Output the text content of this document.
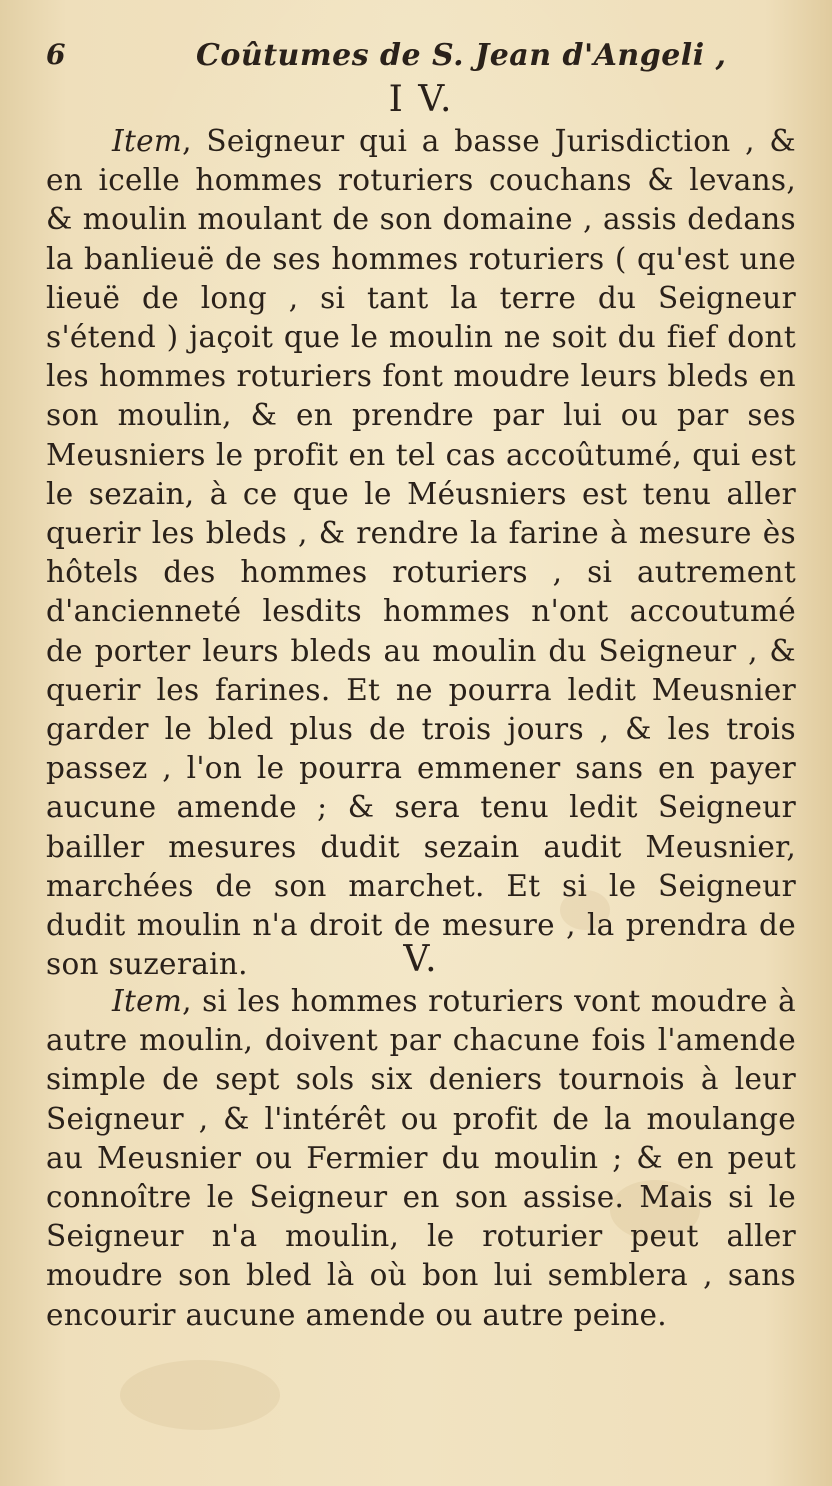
6	Coûtumes de S. Jean d'Angeli ,
I V.

Item, Seigneur qui a basse Jurisdiction , & en icelle hommes roturiers couchans & levans, & moulin moulant de son domaine , assis dedans la banlieuë de ses hommes roturiers ( qu'est une lieuë de long , si tant la terre du Seigneur s'étend ) jaçoit que le moulin ne soit du fief dont les hommes roturiers font moudre leurs bleds en son moulin, & en prendre par lui ou par ses Meusniers le profit en tel cas accoûtumé, qui est le sezain, à ce que le Méusniers est tenu aller querir les bleds , & rendre la farine à mesure ès hôtels des hommes roturiers , si autrement d'ancienneté lesdits hommes n'ont accoutumé de porter leurs bleds au moulin du Seigneur , & querir les farines. Et ne pourra ledit Meusnier garder le bled plus de trois jours , & les trois passez , l'on le pourra emmener sans en payer aucune amende ; & sera tenu ledit Seigneur bailler mesures dudit sezain audit Meusnier, marchées de son marchet. Et si le Seigneur dudit moulin n'a droit de mesure , la prendra de son suzerain.	V.

Item, si les hommes roturiers vont moudre à autre moulin, doivent par chacune fois l'amende simple de sept sols six deniers tournois à leur Seigneur , & l'intérêt ou profit de la moulange au Meusnier ou Fermier du moulin ; & en peut connoître le Seigneur en son assise. Mais si le Seigneur n'a moulin, le roturier peut aller moudre son bled là où bon lui semblera , sans encourir aucune amende ou autre peine.
